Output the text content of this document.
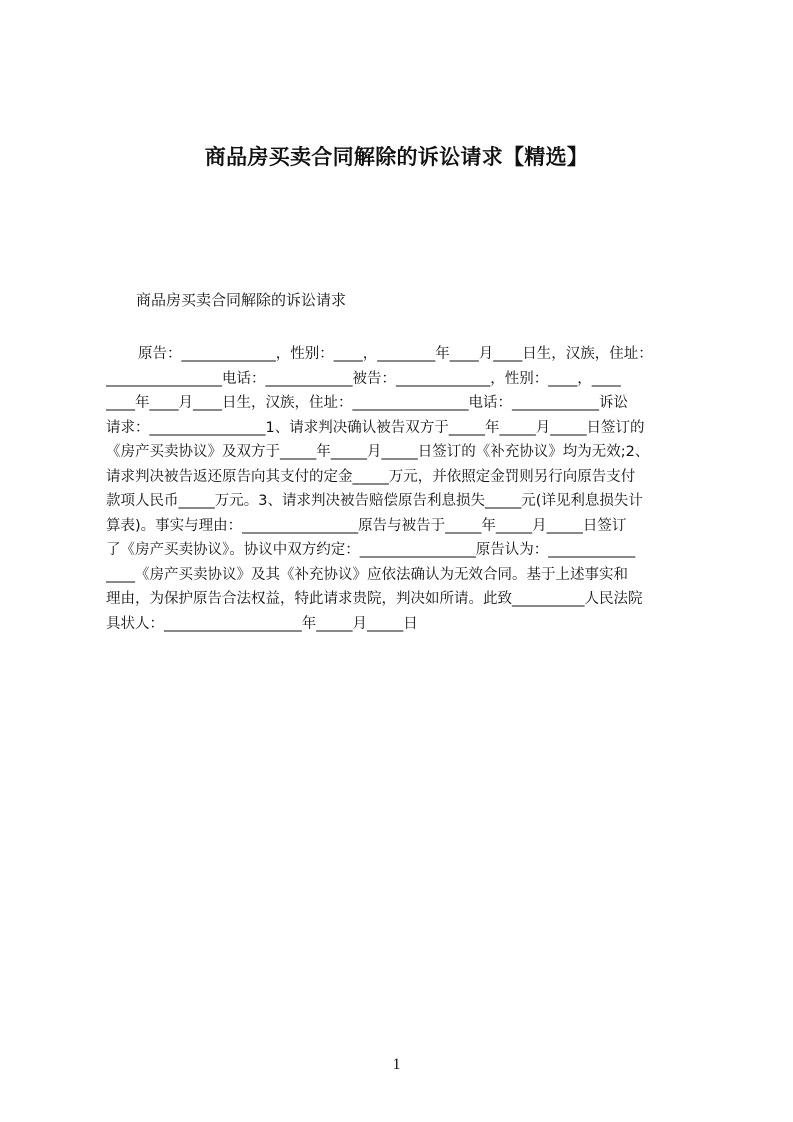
商品房买卖合同解除的诉讼请求【精选】
商品房买卖合同解除的诉讼请求
原告：_____________，性别：____，________年____月____日生，汉族，住址：
________________电话：____________被告：_____________，性别：____，____
____年____月____日生，汉族，住址：________________电话：____________诉讼
请求：________________1、请求判决确认被告双方于_____年_____月_____日签订的
《房产买卖协议》及双方于_____年_____月_____日签订的《补充协议》均为无效;2、
请求判决被告返还原告向其支付的定金_____万元，并依照定金罚则另行向原告支付
款项人民币_____万元。3、请求判决被告赔偿原告利息损失_____元(详见利息损失计
算表)。事实与理由：________________原告与被告于_____年_____月_____日签订
了《房产买卖协议》。协议中双方约定：________________原告认为：____________
____《房产买卖协议》及其《补充协议》应依法确认为无效合同。基于上述事实和
理由，为保护原告合法权益，特此请求贵院，判决如所请。此致__________人民法院
具状人：___________________年_____月_____日
1
